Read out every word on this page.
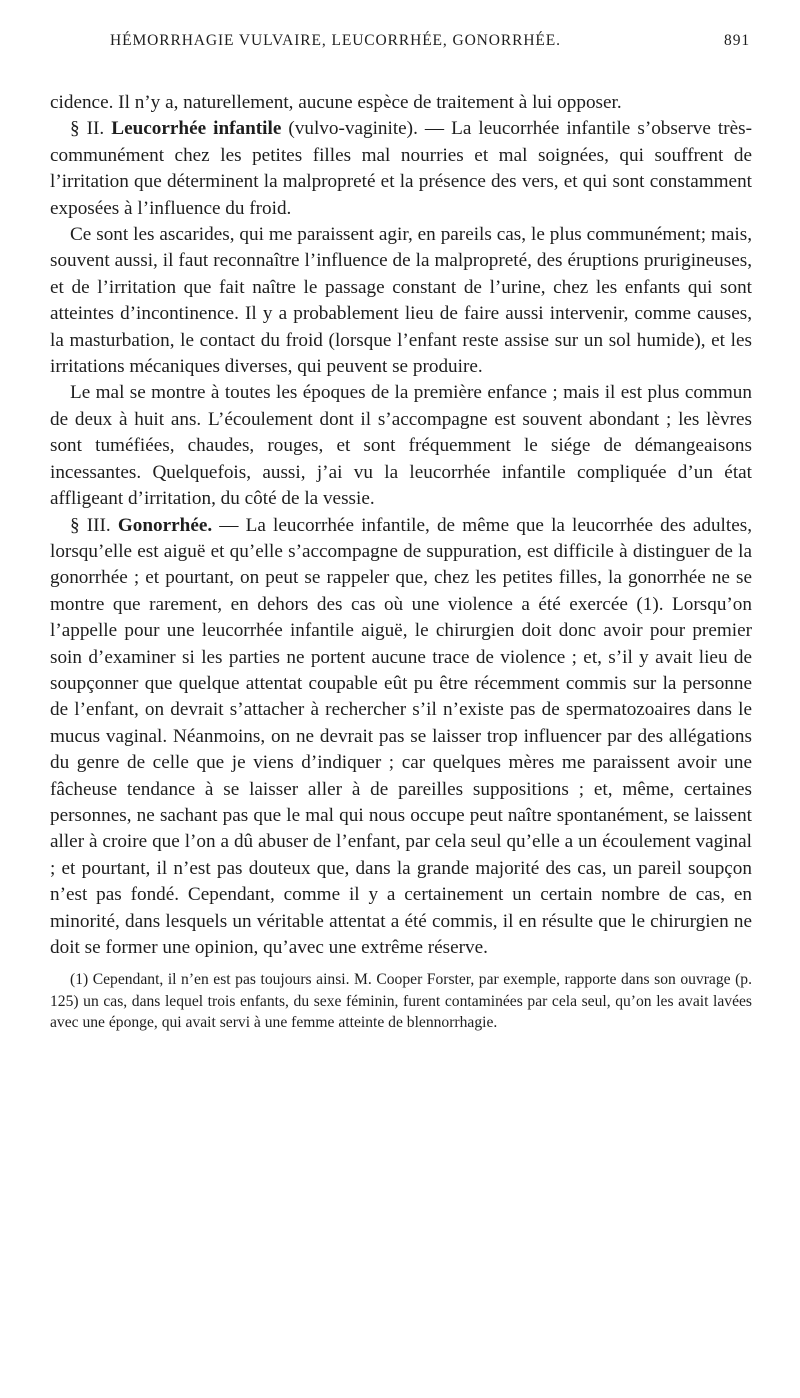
HÉMORRHAGIE VULVAIRE, LEUCORRHÉE, GONORRHÉE.	891

cidence. Il n’y a, naturellement, aucune espèce de traitement à lui opposer.

§ II. Leucorrhée infantile (vulvo-vaginite). — La leucorrhée infantile s’observe très-communément chez les petites filles mal nourries et mal soignées, qui souffrent de l’irritation que déterminent la malpropreté et la présence des vers, et qui sont constamment exposées à l’influence du froid.

Ce sont les ascarides, qui me paraissent agir, en pareils cas, le plus communément; mais, souvent aussi, il faut reconnaître l’influence de la malpropreté, des éruptions prurigineuses, et de l’irritation que fait naître le passage constant de l’urine, chez les enfants qui sont atteintes d’incontinence. Il y a probablement lieu de faire aussi intervenir, comme causes, la masturbation, le contact du froid (lorsque l’enfant reste assise sur un sol humide), et les irritations mécaniques diverses, qui peuvent se produire.

Le mal se montre à toutes les époques de la première enfance ; mais il est plus commun de deux à huit ans. L’écoulement dont il s’accompagne est souvent abondant ; les lèvres sont tuméfiées, chaudes, rouges, et sont fréquemment le siége de démangeaisons incessantes. Quelquefois, aussi, j’ai vu la leucorrhée infantile compliquée d’un état affligeant d’irritation, du côté de la vessie.

§ III. Gonorrhée. — La leucorrhée infantile, de même que la leucorrhée des adultes, lorsqu’elle est aiguë et qu’elle s’accompagne de suppuration, est difficile à distinguer de la gonorrhée ; et pourtant, on peut se rappeler que, chez les petites filles, la gonorrhée ne se montre que rarement, en dehors des cas où une violence a été exercée (1). Lorsqu’on l’appelle pour une leucorrhée infantile aiguë, le chirurgien doit donc avoir pour premier soin d’examiner si les parties ne portent aucune trace de violence ; et, s’il y avait lieu de soupçonner que quelque attentat coupable eût pu être récemment commis sur la personne de l’enfant, on devrait s’attacher à rechercher s’il n’existe pas de spermatozoaires dans le mucus vaginal. Néanmoins, on ne devrait pas se laisser trop influencer par des allégations du genre de celle que je viens d’indiquer ; car quelques mères me paraissent avoir une fâcheuse tendance à se laisser aller à de pareilles suppositions ; et, même, certaines personnes, ne sachant pas que le mal qui nous occupe peut naître spontanément, se laissent aller à croire que l’on a dû abuser de l’enfant, par cela seul qu’elle a un écoulement vaginal ; et pourtant, il n’est pas douteux que, dans la grande majorité des cas, un pareil soupçon n’est pas fondé. Cependant, comme il y a certainement un certain nombre de cas, en minorité, dans lesquels un véritable attentat a été commis, il en résulte que le chirurgien ne doit se former une opinion, qu’avec une extrême réserve.

(1) Cependant, il n’en est pas toujours ainsi. M. Cooper Forster, par exemple, rapporte dans son ouvrage (p. 125) un cas, dans lequel trois enfants, du sexe féminin, furent contaminées par cela seul, qu’on les avait lavées avec une éponge, qui avait servi à une femme atteinte de blennorrhagie.
